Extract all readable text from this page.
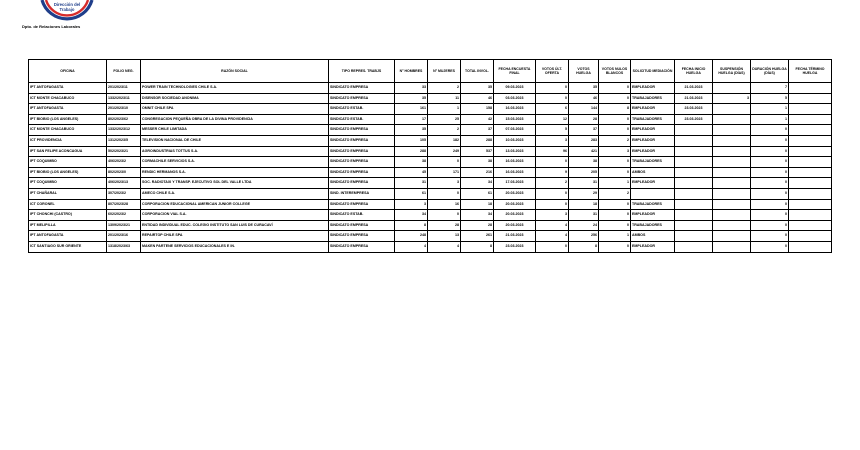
Dirección del
Trabajo
Dpto. de Relaciones Laborales
OFICINA	FOLIO NEG.	RAZÓN SOCIAL	TIPO REPRES. TRABJS	N° HOMBRES	N° MUJERES	TOTAL INVOL.	FECHA ENCUESTA FINAL	VOTOS ÚLT. OFERTA	VOTOS HUELGA	VOTOS NULOS BLANCOS	SOLICITUD MEDIACIÓN	FECHA INICIO HUELGA	SUSPENSIÓN HUELGA (DÍAS)	DURACIÓN HUELGA (DÍAS)	FECHA TÉRMINO HUELGA
IPT ANTOFAGASTA	201/2023/11	POWER TRAIN TECHNOLOGIES CHILE S.A.	SINDICATO EMPRESA	33	2	35	09.03.2023	0	35	0	EMPLEADOR	21.03.2023		7	
ICT MONTE CHACABUCO	1332/2023/11	DISENSOR SOCIEDAD ANONIMA	SINDICATO EMPRESA	35	11	46	03.03.2023	0	46	0	TRABAJADORES	21.03.2023	3	5	
IPT ANTOFAGASTA	201/2023/10	OMNIT CHILE SPA	SINDICATO ESTAB.	161	1	158	16.03.2023	6	144	8	EMPLEADOR	23.03.2023		1	
IPT BIOBIO (LOS ANGELES)	802/2023/62	CONGREGACION PEQUEÑA OBRA DE LA DIVINA PROVIDENCIA	SINDICATO ESTAB.	17	25	42	15.03.2023	12	28	0	TRABAJADORES	23.03.2023		1	
ICT MONTE CHACABUCO	1332/2023/12	MESSER CHILE LIMITADA	SINDICATO EMPRESA	35	2	37	07.03.2023	5	37	0	EMPLEADOR			0	
ICT PROVIDENCIA	1312/2023/5	TELEVISION NACIONAL DE CHILE	SINDICATO EMPRESA	105	182	288	10.03.2023	3	283	2	EMPLEADOR			0	
IPT SAN FELIPE ACONCAGUA	502/2023/21	AGROINDUSTRIAS TOTTUS S.A.	SINDICATO EMPRESA	288	249	537	13.03.2023	96	421	3	EMPLEADOR			0	
IPT COQUIMBO	406/2023/2	CORMACHILE SERVICIOS S.A.	SINDICATO EMPRESA	38	0	38	16.03.2023	0	38	0	TRABAJADORES			0	
IPT BIOBIO (LOS ANGELES)	802/2023/0	RENDIC HERMANOS S.A.	SINDICATO EMPRESA	45	171	216	16.03.2023	9	205	0	AMBOS			0	
IPT COQUIMBO	406/2023/13	SOC. RADIOTAXI Y TRANSP. EJECUTIVO SOL DEL VALLE LTDA	SINDICATO EMPRESA	31	3	34	17.03.2023	2	31	1	EMPLEADOR			0	
IPT CHAÑARAL	307/2023/2	AMECO CHILE S.A.	SIND. INTEREMPRESA	61	0	61	20.03.2023	0	29	2				0	
ICT CORONEL	807/2023/28	CORPORACION EDUCACIONAL AMERICAN JUNIOR COLLEGE	SINDICATO EMPRESA	3	16	18	20.03.2023	0	18	0	TRABAJADORES			0	
IPT CHONCHI (CASTRO)	602/2023/2	CORPORACION VIAL S.A.	SINDICATO ESTAB.	34	0	34	20.03.2023	3	31	0	EMPLEADOR			0	
IPT MELIPILLA	1309/2023/21	ENTIDAD INDIVIDUAL EDUC. COLEGIO INSTITUTO SAN LUIS DE CURACAVÍ	SINDICATO EMPRESA	8	28	28	20.03.2023	4	24	0	TRABAJADORES			0	
IPT ANTOFAGASTA	201/2023/16	REPAIRTOP CHILE SPA	SINDICATO EMPRESA	248	13	261	21.03.2023	4	256	1	AMBOS			0	
ICT SANTIAGO SUR ORIENTE	1318/2023/63	MAKEN PARTENE SERVICIOS EDUCACIONALES E IN.	SINDICATO EMPRESA	4	4	8	23.03.2023	0	8	0	EMPLEADOR			0	
